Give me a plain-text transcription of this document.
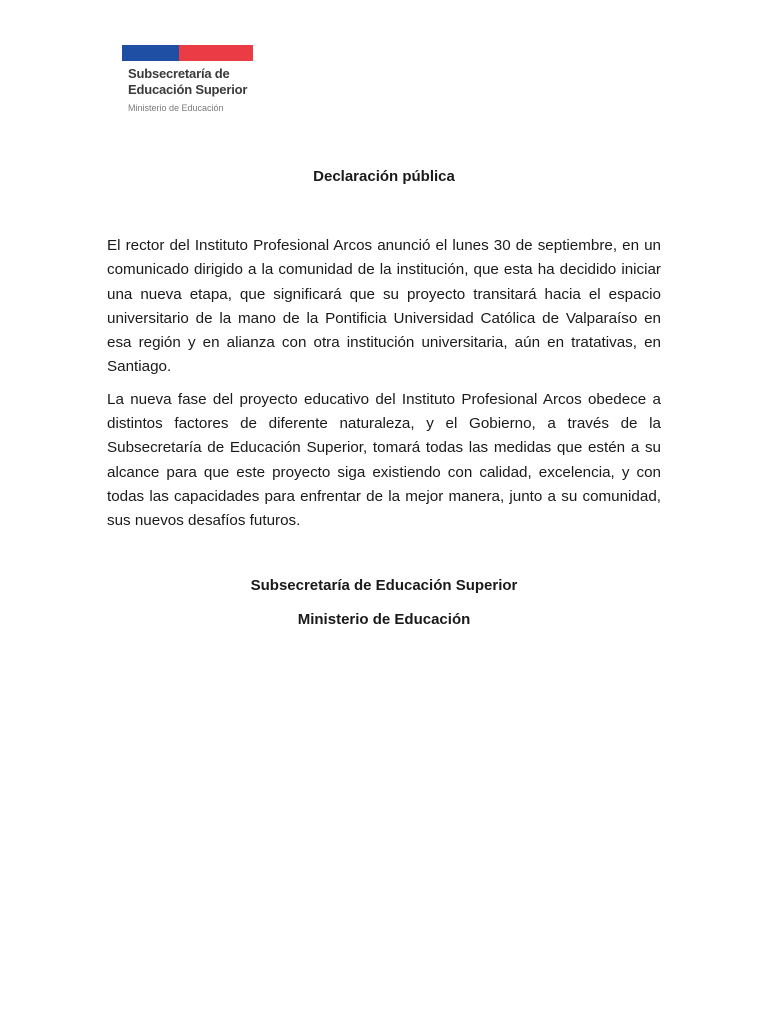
Subsecretaría de
Educación Superior
Ministerio de Educación
Declaración pública

El rector del Instituto Profesional Arcos anunció el lunes 30 de septiembre, en un comunicado dirigido a la comunidad de la institución, que esta ha decidido iniciar una nueva etapa, que significará que su proyecto transitará hacia el espacio universitario de la mano de la Pontificia Universidad Católica de Valparaíso en esa región y en alianza con otra institución universitaria, aún en tratativas, en Santiago.

La nueva fase del proyecto educativo del Instituto Profesional Arcos obedece a distintos factores de diferente naturaleza, y el Gobierno, a través de la Subsecretaría de Educación Superior, tomará todas las medidas que estén a su alcance para que este proyecto siga existiendo con calidad, excelencia, y con todas las capacidades para enfrentar de la mejor manera, junto a su comunidad, sus nuevos desafíos futuros.

Subsecretaría de Educación Superior

Ministerio de Educación
